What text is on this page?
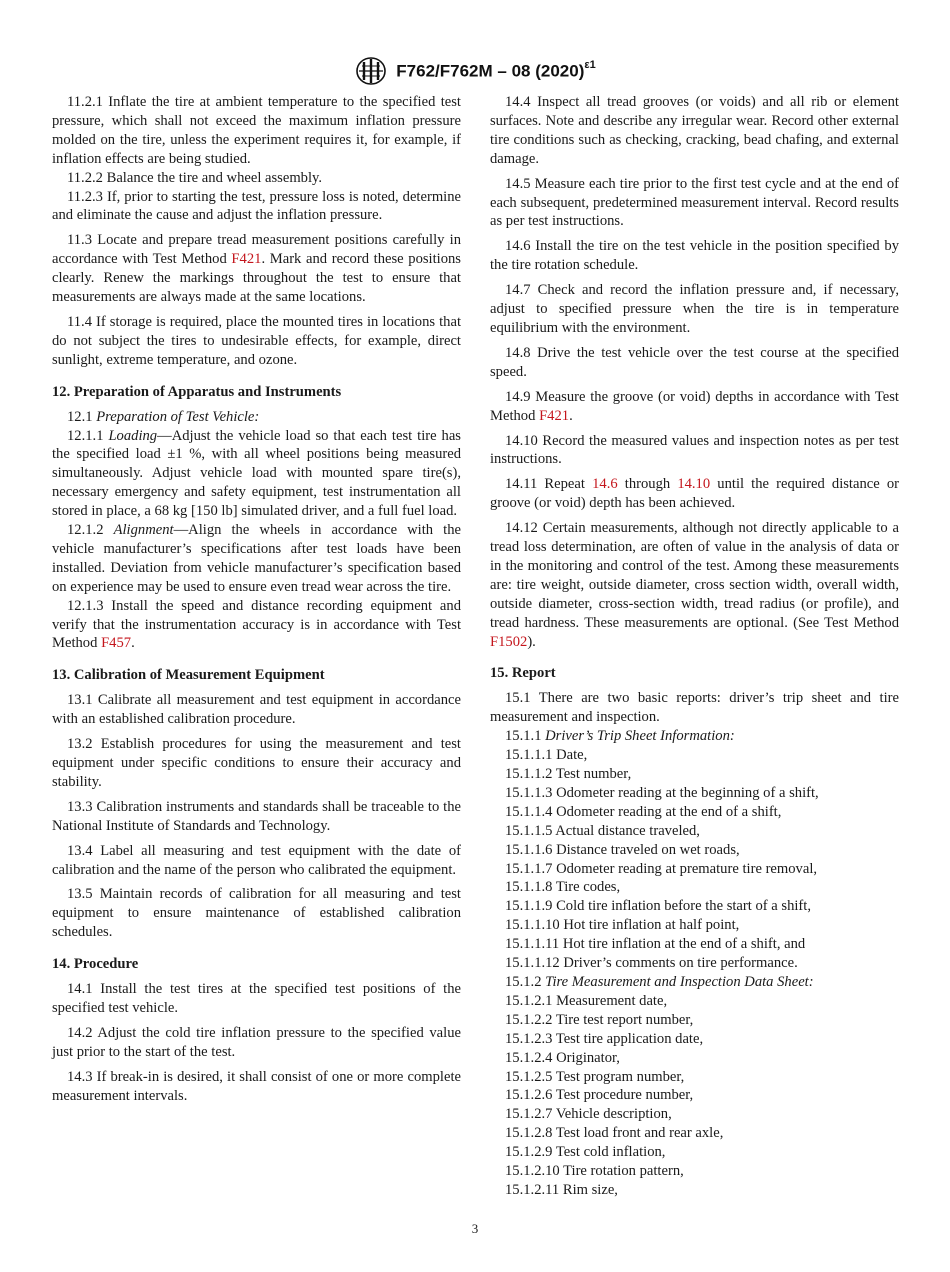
F762/F762M – 08 $(2020)^{\varepsilon 1}$

11.2.1 Inflate the tire at ambient temperature to the specified test pressure, which shall not exceed the maximum inflation pressure molded on the tire, unless the experiment requires it, for example, if inflation effects are being studied.

11.2.2 Balance the tire and wheel assembly.

11.2.3 If, prior to starting the test, pressure loss is noted, determine and eliminate the cause and adjust the inflation pressure.

11.3 Locate and prepare tread measurement positions carefully in accordance with Test Method F421. Mark and record these positions clearly. Renew the markings throughout the test to ensure that measurements are always made at the same locations.

11.4 If storage is required, place the mounted tires in locations that do not subject the tires to undesirable effects, for example, direct sunlight, extreme temperature, and ozone.

12. Preparation of Apparatus and Instruments

12.1 Preparation of Test Vehicle:

12.1.1 Loading—Adjust the vehicle load so that each test tire has the specified load ±1 %, with all wheel positions being measured simultaneously. Adjust vehicle load with mounted spare tire(s), necessary emergency and safety equipment, test instrumentation all stored in place, a 68 kg [150 lb] simulated driver, and a full fuel load.

12.1.2 Alignment—Align the wheels in accordance with the vehicle manufacturer’s specifications after test loads have been installed. Deviation from vehicle manufacturer’s specification based on experience may be used to ensure even tread wear across the tire.

12.1.3 Install the speed and distance recording equipment and verify that the instrumentation accuracy is in accordance with Test Method F457.

13. Calibration of Measurement Equipment

13.1 Calibrate all measurement and test equipment in accordance with an established calibration procedure.

13.2 Establish procedures for using the measurement and test equipment under specific conditions to ensure their accuracy and stability.

13.3 Calibration instruments and standards shall be traceable to the National Institute of Standards and Technology.

13.4 Label all measuring and test equipment with the date of calibration and the name of the person who calibrated the equipment.

13.5 Maintain records of calibration for all measuring and test equipment to ensure maintenance of established calibration schedules.

14. Procedure

14.1 Install the test tires at the specified test positions of the specified test vehicle.

14.2 Adjust the cold tire inflation pressure to the specified value just prior to the start of the test.

14.3 If break-in is desired, it shall consist of one or more complete measurement intervals.

14.4 Inspect all tread grooves (or voids) and all rib or element surfaces. Note and describe any irregular wear. Record other external tire conditions such as checking, cracking, bead chafing, and external damage.

14.5 Measure each tire prior to the first test cycle and at the end of each subsequent, predetermined measurement interval. Record results as per test instructions.

14.6 Install the tire on the test vehicle in the position specified by the tire rotation schedule.

14.7 Check and record the inflation pressure and, if necessary, adjust to specified pressure when the tire is in temperature equilibrium with the environment.

14.8 Drive the test vehicle over the test course at the specified speed.

14.9 Measure the groove (or void) depths in accordance with Test Method F421.

14.10 Record the measured values and inspection notes as per test instructions.

14.11 Repeat 14.6 through 14.10 until the required distance or groove (or void) depth has been achieved.

14.12 Certain measurements, although not directly applicable to a tread loss determination, are often of value in the analysis of data or in the monitoring and control of the test. Among these measurements are: tire weight, outside diameter, cross section width, overall width, outside diameter, cross-section width, tread radius (or profile), and tread hardness. These measurements are optional. (See Test Method F1502).

15. Report

15.1 There are two basic reports: driver’s trip sheet and tire measurement and inspection.

15.1.1 Driver’s Trip Sheet Information:

15.1.1.1 Date,

15.1.1.2 Test number,

15.1.1.3 Odometer reading at the beginning of a shift,

15.1.1.4 Odometer reading at the end of a shift,

15.1.1.5 Actual distance traveled,

15.1.1.6 Distance traveled on wet roads,

15.1.1.7 Odometer reading at premature tire removal,

15.1.1.8 Tire codes,

15.1.1.9 Cold tire inflation before the start of a shift,

15.1.1.10 Hot tire inflation at half point,

15.1.1.11 Hot tire inflation at the end of a shift, and

15.1.1.12 Driver’s comments on tire performance.

15.1.2 Tire Measurement and Inspection Data Sheet:

15.1.2.1 Measurement date,

15.1.2.2 Tire test report number,

15.1.2.3 Test tire application date,

15.1.2.4 Originator,

15.1.2.5 Test program number,

15.1.2.6 Test procedure number,

15.1.2.7 Vehicle description,

15.1.2.8 Test load front and rear axle,

15.1.2.9 Test cold inflation,

15.1.2.10 Tire rotation pattern,

15.1.2.11 Rim size,

3
